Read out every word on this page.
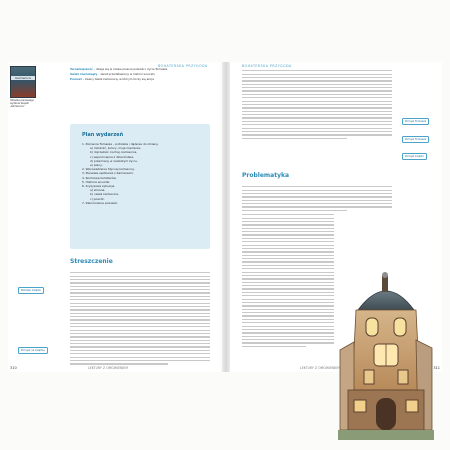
BOHATERSKA PRZYGODA
Kamienica
Okładka pierwszego wydania książki „Kamienica”
Teraźniejszość – dzieje się w czasie pisania powieści, życie Tomasza
Świat równoległy – świat przedstawiony w historii wnuczki
Pomost – zwany także kamienicą, w którym toczy się akcja
Plan wydarzeń
1. Poznanie Tomasza – potrzeba i dążenie do zmiany.
a) młodość, kolory, moje marzenia,
b) dojrzałość, kochaj, kamienica,
c) wspomnienia z dzieciństwa,
d) przemiany w osobistym życiu,
e) plany,
2. Wprowadzenie Słynnej kamienicy.
3. Pierwsze spotkanie z Kamieniem.
4. Rozmowa bohaterów.
5. Historia wnuczki.
6. Kryzysowa sytuacja.
a) zmiana,
b) nasza kamienica,
c) powrót.
7. Zakończenie powieści.
Streszczenie
Bohater książki
Pomysł na książkę
LEKTURY Z OMÓWIENIEM
310
BOHATERSKA PRZYGODA
Pomysł Tomasza
Pomysł Tomasza
Pomysł książki
Problematyka
LEKTURY Z OMÓWIENIEM	311
